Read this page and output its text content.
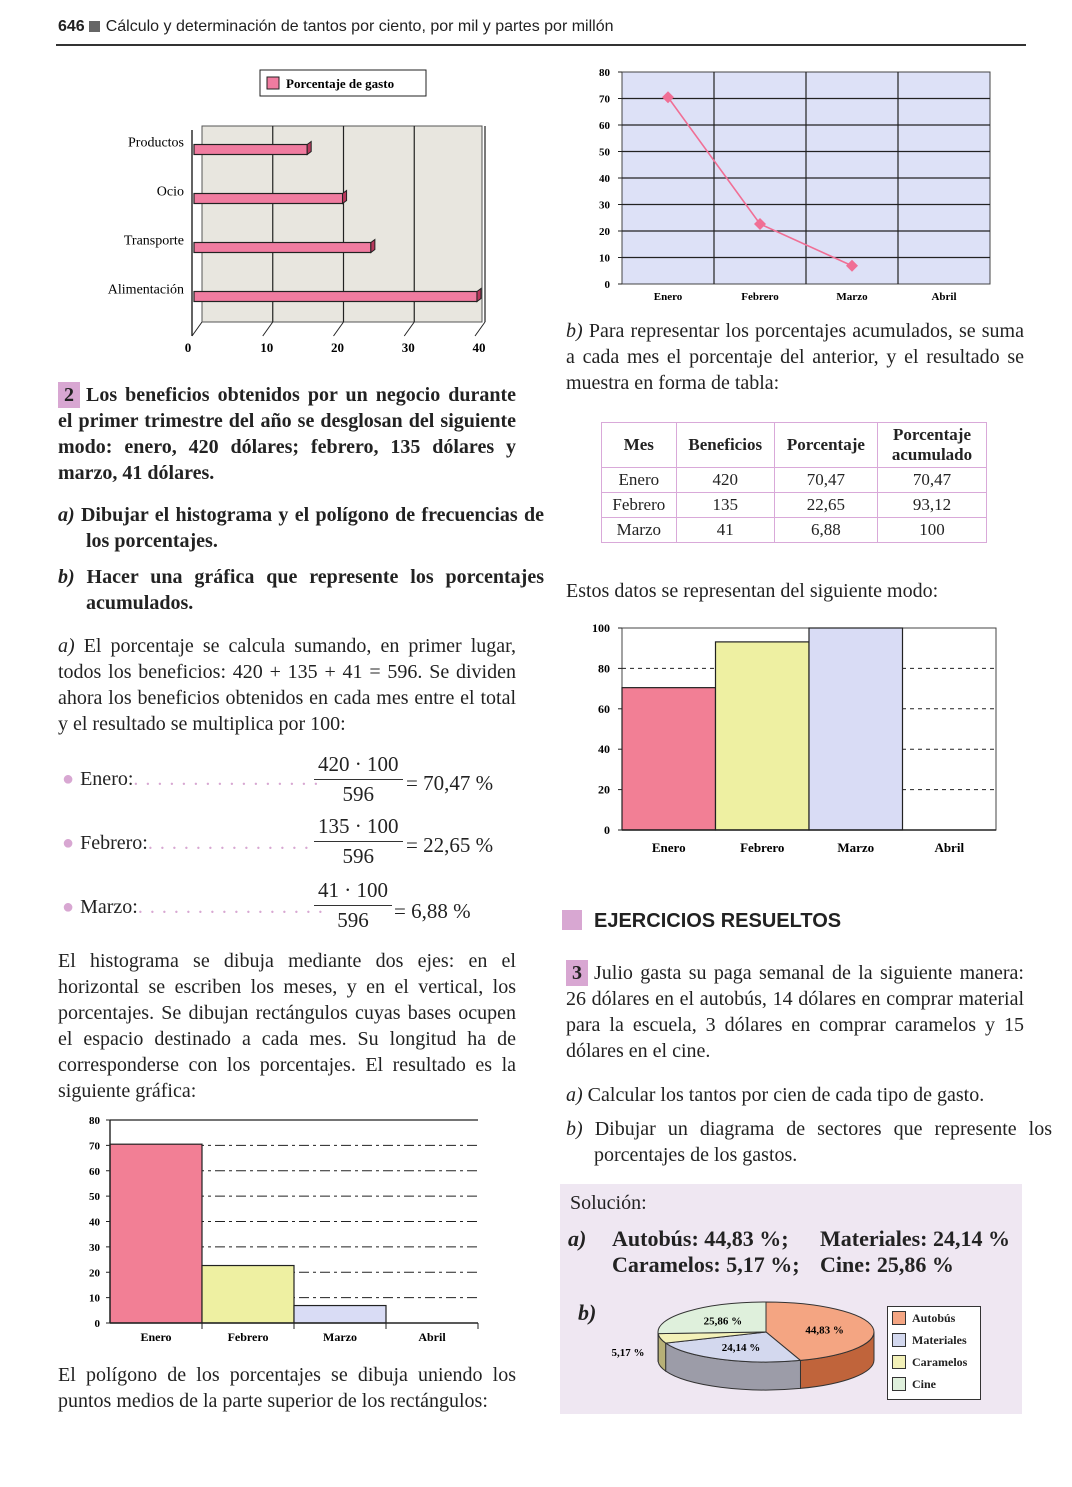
646 Cálculo y determinación de tantos por ciento, por mil y partes por millón
Porcentaje de gasto
Productos
Ocio
Transporte
Alimentación
0	10	20	30	40
2 Los beneficios obtenidos por un negocio durante el primer trimestre del año se desglosan del siguiente modo: enero, 420 dólares; febrero, 135 dólares y marzo, 41 dólares.
a) Dibujar el histograma y el polígono de frecuencias de los porcentajes.
b) Hacer una gráfica que represente los porcentajes acumulados.
a) El porcentaje se calcula sumando, en primer lugar, todos los beneficios: 420 + 135 + 41 = 596. Se dividen ahora los beneficios obtenidos en cada mes entre el total y el resultado se multiplica por 100:
● Enero:. . . . . . . . . . . . . . . .
$\frac{420 \cdot 100}{596} = 70,47$ %
● Febrero:. . . . . . . . . . . . . . $\frac{135 \cdot 100}{596} = 22,65$ %
● Marzo:. . . . . . . . . . . . . . . .
$\frac{41 \cdot 100}{596} = 6,88$ %
El histograma se dibuja mediante dos ejes: en el horizontal se escriben los meses, y en el vertical, los porcentajes. Se dibujan rectángulos cuyas bases ocupen el espacio destinado a cada mes. Su longitud ha de corresponderse con los porcentajes. El resultado es la siguiente gráfica:
0
10
20
30
40
50
60
70
80
Enero	Febrero	Marzo	Abril
El polígono de los porcentajes se dibuja uniendo los puntos medios de la parte superior de los rectángulos:
0
10
20
30
40
50
60
70
80
Enero	Febrero	Marzo	Abril
b) Para representar los porcentajes acumulados, se suma a cada mes el porcentaje del anterior, y el resultado se muestra en forma de tabla:
Mes	Beneficios	Porcentaje	Porcentaje acumulado
Enero	420	70,47	70,47
Febrero	135	22,65	93,12
Marzo	41	6,88	100
Estos datos se representan del siguiente modo:
0
20
40
60
80
100
Enero	Febrero	Marzo	Abril
EJERCICIOS RESUELTOS
3 Julio gasta su paga semanal de la siguiente manera: 26 dólares en el autobús, 14 dólares en comprar material para la escuela, 3 dólares en comprar caramelos y 15 dólares en el cine.
a) Calcular los tantos por cien de cada tipo de gasto.
b) Dibujar un diagrama de sectores que represente los porcentajes de los gastos.
Solución:
a) Autobús: 44,83 %; Materiales: 24,14 %
Caramelos: 5,17 %; Cine: 25,86 %
b)
44,83 %
24,14 %
5,17 %
25,86 %	Autobús
Materiales
Caramelos
Cine
